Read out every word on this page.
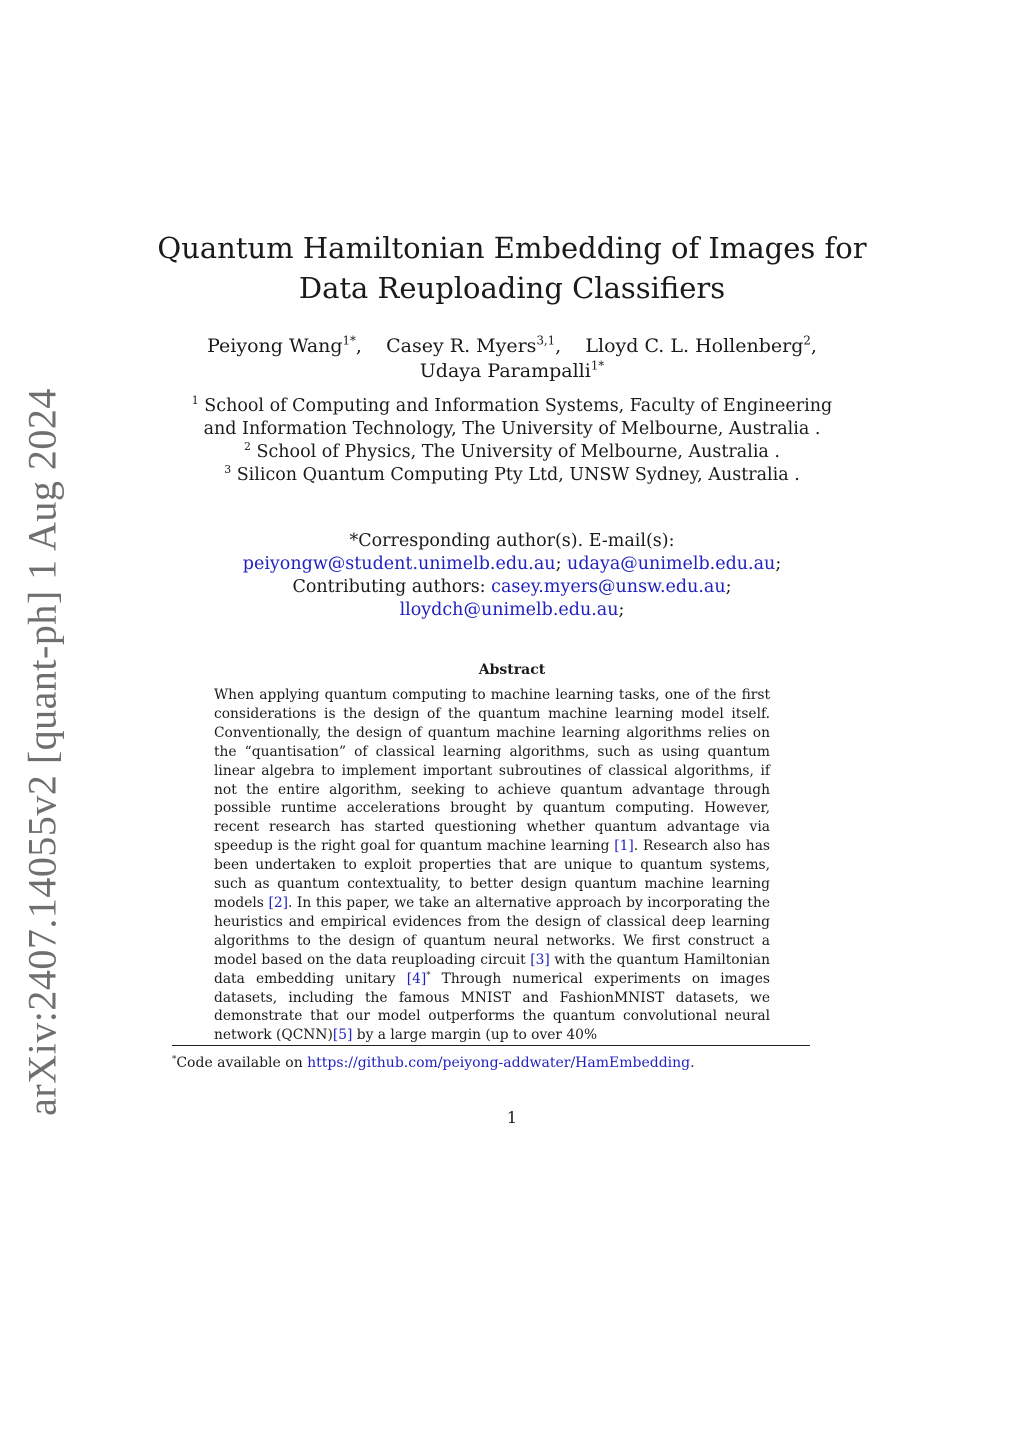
arXiv:2407.14055v2 [quant-ph] 1 Aug 2024
Quantum Hamiltonian Embedding of Images for
Data Reuploading Classifiers
Peiyong Wang$^{1*}$,    Casey R. Myers$^{3,1}$,    Lloyd C. L. Hollenberg$^2$,
Udaya Parampalli$^{1*}$
$^1$ School of Computing and Information Systems, Faculty of Engineering
and Information Technology, The University of Melbourne, Australia .
$^2$ School of Physics, The University of Melbourne, Australia .
$^3$ Silicon Quantum Computing Pty Ltd, UNSW Sydney, Australia .
*Corresponding author(s). E-mail(s):
peiyongw@student.unimelb.edu.au; udaya@unimelb.edu.au;
Contributing authors: casey.myers@unsw.edu.au;
lloydch@unimelb.edu.au;
Abstract
When applying quantum computing to machine learning tasks, one of the first considerations is the design of the quantum machine learning model itself. Conventionally, the design of quantum machine learning algorithms relies on the “quantisation” of classical learning algorithms, such as using quantum linear algebra to implement important subroutines of classical algorithms, if not the entire algorithm, seeking to achieve quantum advantage through possible runtime accelerations brought by quantum computing. However, recent research has started questioning whether quantum advantage via speedup is the right goal for quantum machine learning [1]. Research also has been undertaken to exploit properties that are unique to quantum systems, such as quantum contextuality, to better design quantum machine learning models [2]. In this paper, we take an alternative approach by incorporating the heuristics and empirical evidences from the design of classical deep learning algorithms to the design of quantum neural networks. We first construct a model based on the data reuploading circuit [3] with the quantum Hamiltonian data embedding unitary [4]* Through numerical experiments on images datasets, including the famous MNIST and FashionMNIST datasets, we demonstrate that our model outperforms the quantum convolutional neural network (QCNN)[5] by a large margin (up to over 40%
*Code available on https://github.com/peiyong-addwater/HamEmbedding.
1
